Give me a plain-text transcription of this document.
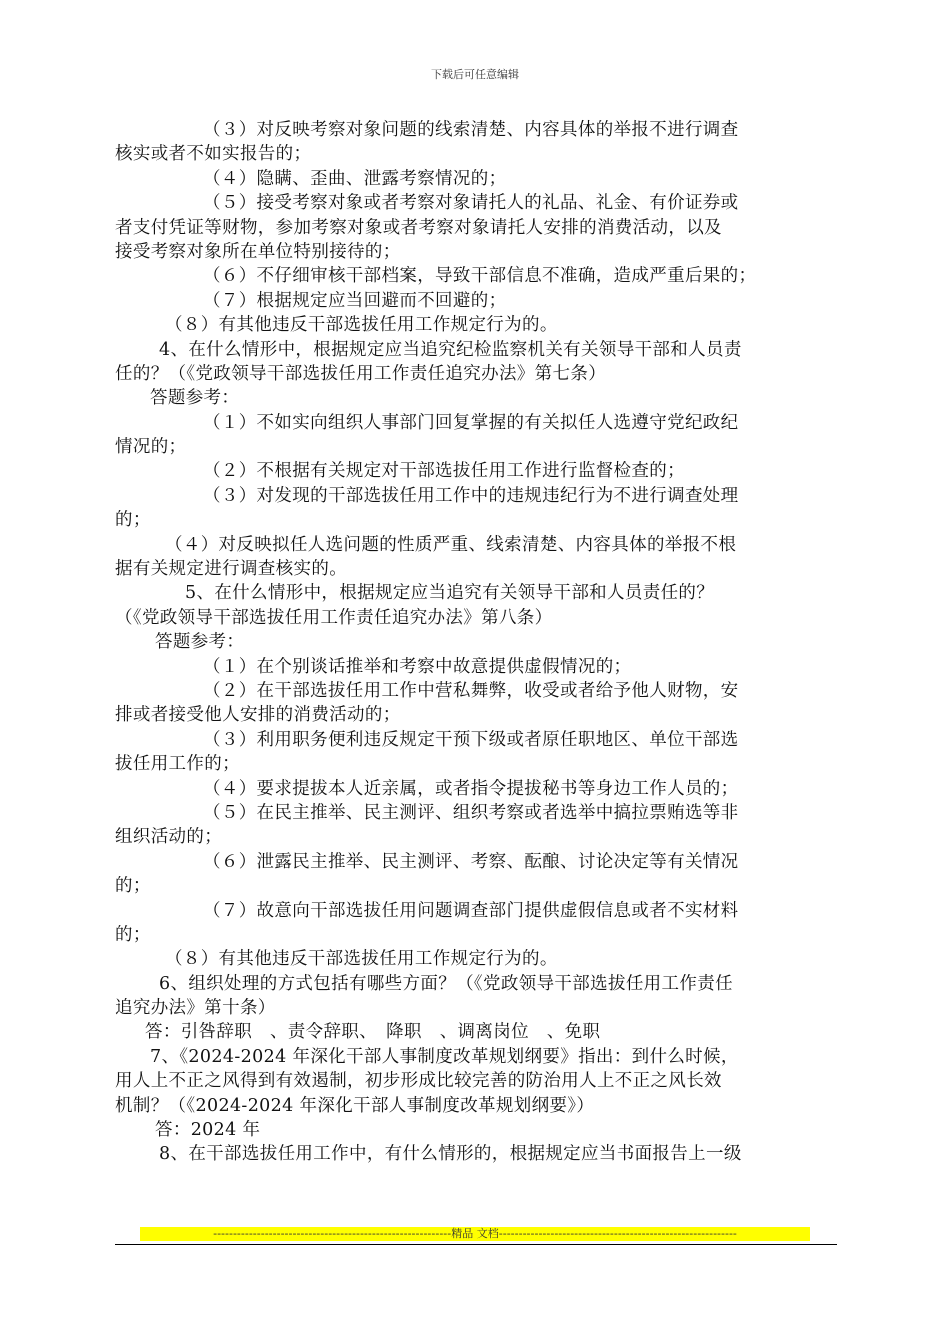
下载后可任意编辑
（３）对反映考察对象问题的线索清楚、内容具体的举报不进行调查
核实或者不如实报告的；
（４）隐瞒、歪曲、泄露考察情况的；
（５）接受考察对象或者考察对象请托人的礼品、礼金、有价证券或
者支付凭证等财物，参加考察对象或者考察对象请托人安排的消费活动，以及
接受考察对象所在单位特别接待的；
（６）不仔细审核干部档案，导致干部信息不准确，造成严重后果的；
（７）根据规定应当回避而不回避的；
（８）有其他违反干部选拔任用工作规定行为的。
4、在什么情形中，根据规定应当追究纪检监察机关有关领导干部和人员责
任的？（《党政领导干部选拔任用工作责任追究办法》第七条）
答题参考：
（１）不如实向组织人事部门回复掌握的有关拟任人选遵守党纪政纪
情况的；
（２）不根据有关规定对干部选拔任用工作进行监督检查的；
（３）对发现的干部选拔任用工作中的违规违纪行为不进行调查处理
的；
（４）对反映拟任人选问题的性质严重、线索清楚、内容具体的举报不根
据有关规定进行调查核实的。
5、在什么情形中，根据规定应当追究有关领导干部和人员责任的？
（《党政领导干部选拔任用工作责任追究办法》第八条）
答题参考：
（１）在个别谈话推举和考察中故意提供虚假情况的；
（２）在干部选拔任用工作中营私舞弊，收受或者给予他人财物，安
排或者接受他人安排的消费活动的；
（３）利用职务便利违反规定干预下级或者原任职地区、单位干部选
拔任用工作的；
（４）要求提拔本人近亲属，或者指令提拔秘书等身边工作人员的；
（５）在民主推举、民主测评、组织考察或者选举中搞拉票贿选等非
组织活动的；
（６）泄露民主推举、民主测评、考察、酝酿、讨论决定等有关情况
的；
（７）故意向干部选拔任用问题调查部门提供虚假信息或者不实材料
的；
（８）有其他违反干部选拔任用工作规定行为的。
6、组织处理的方式包括有哪些方面？（《党政领导干部选拔任用工作责任
追究办法》第十条）
答：引咎辞职　、责令辞职、　降职　、调离岗位　、免职
7、《2024-2024 年深化干部人事制度改革规划纲要》指出：到什么时候，
用人上不正之风得到有效遏制，初步形成比较完善的防治用人上不正之风长效
机制？（《2024-2024 年深化干部人事制度改革规划纲要》）
答：2024 年
8、在干部选拔任用工作中，有什么情形的，根据规定应当书面报告上一级
------------------------------------------------------------精品 文档------------------------------------------------------------
